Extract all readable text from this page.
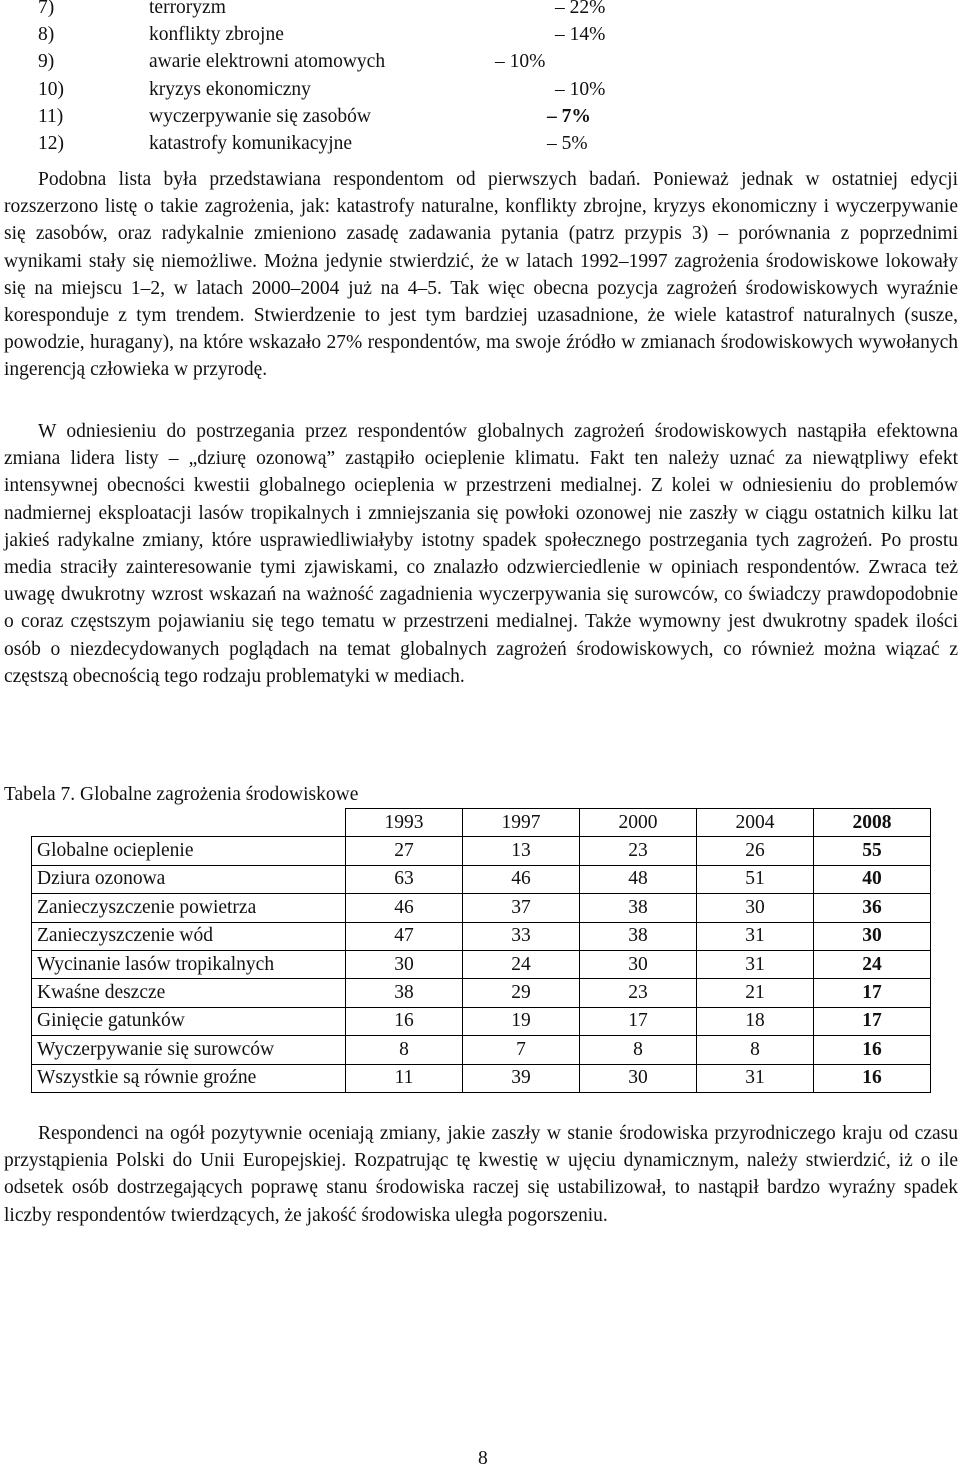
7)	terroryzm	– 22%
8)	konflikty zbrojne	– 14%
9)	awarie elektrowni atomowych	– 10%
10)	kryzys ekonomiczny	– 10%
11)	wyczerpywanie się zasobów	– 7%
12)	katastrofy komunikacyjne	– 5%

Podobna lista była przedstawiana respondentom od pierwszych badań. Ponieważ jednak w ostatniej edycji rozszerzono listę o takie zagrożenia, jak: katastrofy naturalne, konflikty zbrojne, kryzys ekonomiczny i wyczerpywanie się zasobów, oraz radykalnie zmieniono zasadę zadawania pytania (patrz przypis 3) – porównania z poprzednimi wynikami stały się niemożliwe. Można jedynie stwierdzić, że w latach 1992–1997 zagrożenia środowiskowe lokowały się na miejscu 1–2, w latach 2000–2004 już na 4–5. Tak więc obecna pozycja zagrożeń środowiskowych wyraźnie koresponduje z tym trendem. Stwierdzenie to jest tym bardziej uzasadnione, że wiele katastrof naturalnych (susze, powodzie, huragany), na które wskazało 27% respondentów, ma swoje źródło w zmianach środowiskowych wywołanych ingerencją człowieka w przyrodę.

W odniesieniu do postrzegania przez respondentów globalnych zagrożeń środowiskowych nastąpiła efektowna zmiana lidera listy – „dziurę ozonową” zastąpiło ocieplenie klimatu. Fakt ten należy uznać za niewątpliwy efekt intensywnej obecności kwestii globalnego ocieplenia w przestrzeni medialnej. Z kolei w odniesieniu do problemów nadmiernej eksploatacji lasów tropikalnych i zmniejszania się powłoki ozonowej nie zaszły w ciągu ostatnich kilku lat jakieś radykalne zmiany, które usprawiedliwiałyby istotny spadek społecznego postrzegania tych zagrożeń. Po prostu media straciły zainteresowanie tymi zjawiskami, co znalazło odzwierciedlenie w opiniach respondentów. Zwraca też uwagę dwukrotny wzrost wskazań na ważność zagadnienia wyczerpywania się surowców, co świadczy prawdopodobnie o coraz częstszym pojawianiu się tego tematu w przestrzeni medialnej. Także wymowny jest dwukrotny spadek ilości osób o niezdecydowanych poglądach na temat globalnych zagrożeń środowiskowych, co również można wiązać z częstszą obecnością tego rodzaju problematyki w mediach.

Tabela 7. Globalne zagrożenia środowiskowe
	1993	1997	2000	2004	2008
Globalne ocieplenie	27	13	23	26	55
Dziura ozonowa	63	46	48	51	40
Zanieczyszczenie powietrza	46	37	38	30	36
Zanieczyszczenie wód	47	33	38	31	30
Wycinanie lasów tropikalnych	30	24	30	31	24
Kwaśne deszcze	38	29	23	21	17
Ginięcie gatunków	16	19	17	18	17
Wyczerpywanie się surowców	8	7	8	8	16
Wszystkie są równie groźne	11	39	30	31	16

Respondenci na ogół pozytywnie oceniają zmiany, jakie zaszły w stanie środowiska przyrodniczego kraju od czasu przystąpienia Polski do Unii Europejskiej. Rozpatrując tę kwestię w ujęciu dynamicznym, należy stwierdzić, iż o ile odsetek osób dostrzegających poprawę stanu środowiska raczej się ustabilizował, to nastąpił bardzo wyraźny spadek liczby respondentów twierdzących, że jakość środowiska uległa pogorszeniu.

8
